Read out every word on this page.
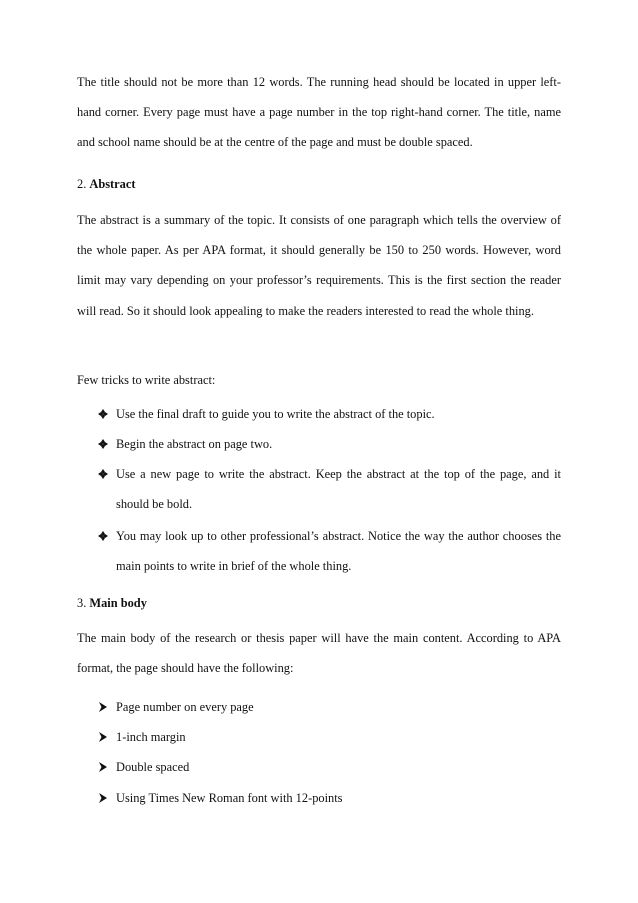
The title should not be more than 12 words. The running head should be located in upper left-hand corner. Every page must have a page number in the top right-hand corner. The title, name and school name should be at the centre of the page and must be double spaced.

2. Abstract

The abstract is a summary of the topic. It consists of one paragraph which tells the overview of the whole paper. As per APA format, it should generally be 150 to 250 words. However, word limit may vary depending on your professor’s requirements. This is the first section the reader will read. So it should look appealing to make the readers interested to read the whole thing.

Few tricks to write abstract:

Use the final draft to guide you to write the abstract of the topic.
Begin the abstract on page two.
Use a new page to write the abstract. Keep the abstract at the top of the page, and it should be bold.
You may look up to other professional’s abstract. Notice the way the author chooses the main points to write in brief of the whole thing.

3. Main body

The main body of the research or thesis paper will have the main content. According to APA format, the page should have the following:

Page number on every page
1-inch margin
Double spaced
Using Times New Roman font with 12-points
